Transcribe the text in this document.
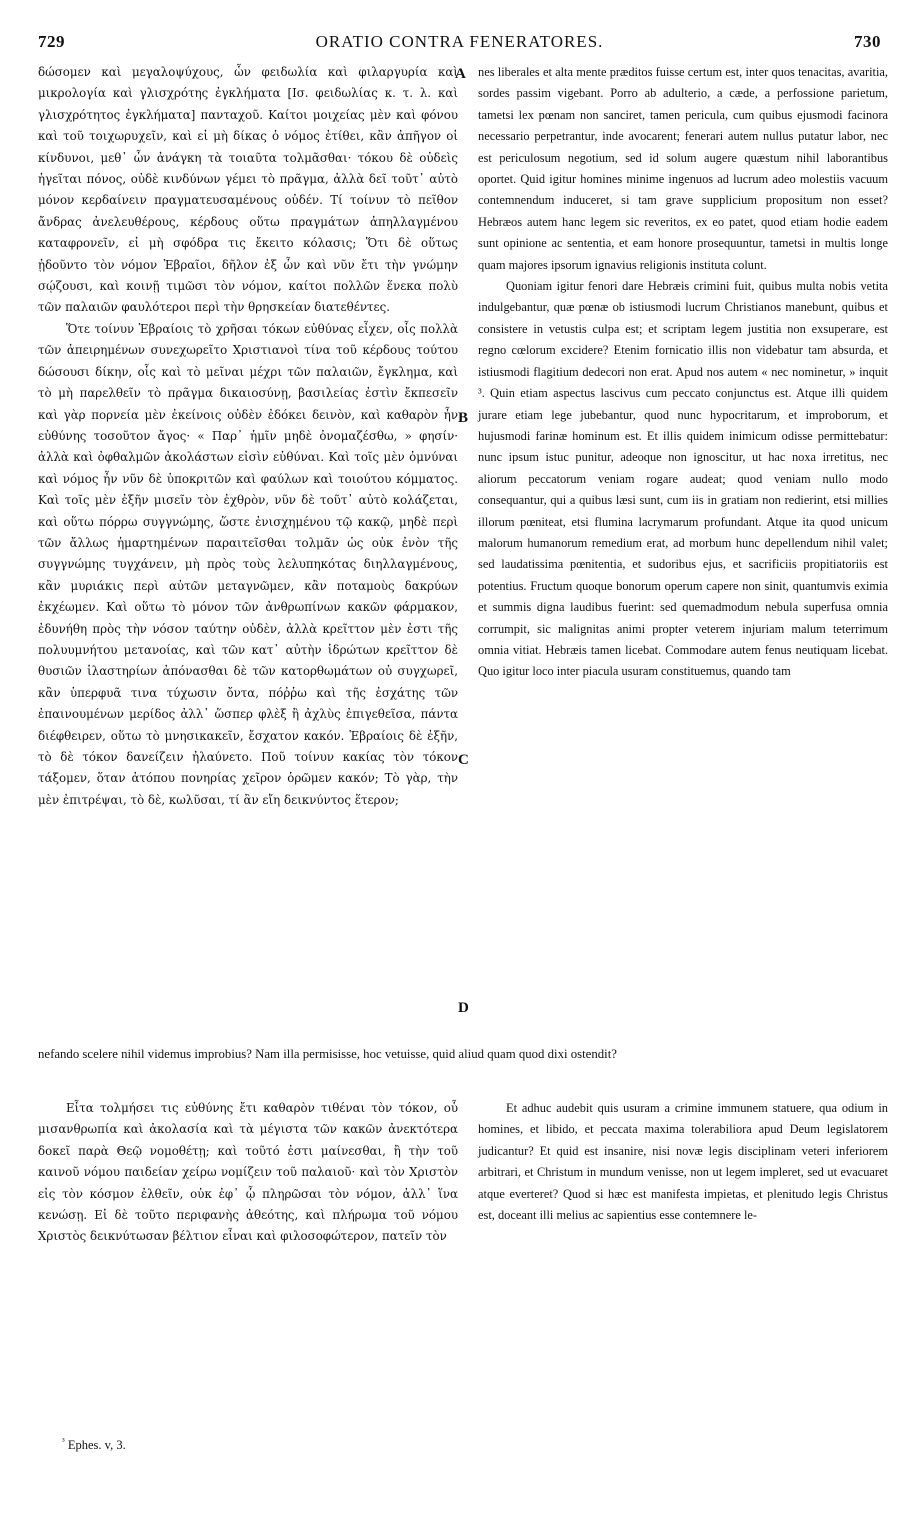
729	ORATIO CONTRA FENERATORES.	730

δώσομεν καὶ μεγαλοψύχους, ὧν φειδωλία καὶ φιλαργυρία καὶ μικρολογία καὶ γλισχρότης ἐγκλήματα [Ισ. φειδωλίας κ. τ. λ. καὶ γλισχρότητος ἐγκλήματα] πανταχοῦ. Καίτοι μοιχείας μὲν καὶ φόνου καὶ τοῦ τοιχωρυχεῖν, καὶ εἰ μὴ δίκας ὁ νόμος ἐτίθει, κἂν ἀπῆγον οἱ κίνδυνοι, μεθ᾽ ὧν ἀνάγκη τὰ τοιαῦτα τολμᾶσθαι· τόκου δὲ οὐδεὶς ἡγεῖται πόνος, οὐδὲ κινδύνων γέμει τὸ πρᾶγμα, ἀλλὰ δεῖ τοῦτ᾽ αὐτὸ μόνον κερδαίνειν πραγματευσαμένους οὐδέν. Τί τοίνυν τὸ πεῖθον ἄνδρας ἀνελευθέρους, κέρδους οὕτω πραγμάτων ἀπηλλαγμένου καταφρονεῖν, εἰ μὴ σφόδρα τις ἔκειτο κόλασις; Ὅτι δὲ οὕτως ᾐδοῦντο τὸν νόμον Ἑβραῖοι, δῆλον ἐξ ὧν καὶ νῦν ἔτι τὴν γνώμην σῴζουσι, καὶ κοινῇ τιμῶσι τὸν νόμον, καίτοι πολλῶν ἕνεκα πολὺ τῶν παλαιῶν φαυλότεροι περὶ τὴν θρησκείαν διατεθέντες.

Ὅτε τοίνυν Ἑβραίοις τὸ χρῆσαι τόκων εὐθύνας εἶχεν, οἷς πολλὰ τῶν ἀπειρημένων συνεχωρεῖτο Χριστιανοὶ τίνα τοῦ κέρδους τούτου δώσουσι δίκην, οἷς καὶ τὸ μεῖναι μέχρι τῶν παλαιῶν, ἔγκλημα, καὶ τὸ μὴ παρελθεῖν τὸ πρᾶγμα δικαιοσύνῃ, βασιλείας ἐστὶν ἔκπεσεῖν καὶ γὰρ πορνεία μὲν ἐκείνοις οὐδὲν ἐδόκει δεινὸν, καὶ καθαρὸν ἦν εὐθύνης τοσοῦτον ἄγος· « Παρ᾽ ἡμῖν μηδὲ ὀνομαζέσθω, » φησίν· ἀλλὰ καὶ ὀφθαλμῶν ἀκολάστων εἰσὶν εὐθύναι. Καὶ τοῖς μὲν ὀμνύναι καὶ νόμος ἦν νῦν δὲ ὑποκριτῶν καὶ φαύλων καὶ τοιούτου κόμματος. Καὶ τοῖς μὲν ἐξῆν μισεῖν τὸν ἐχθρὸν, νῦν δὲ τοῦτ᾽ αὐτὸ κολάζεται, καὶ οὕτω πόρρω συγγνώμης, ὥστε ἐνισχημένου τῷ κακῷ, μηδὲ περὶ τῶν ἄλλως ἡμαρτημένων παραιτεῖσθαι τολμᾶν ὡς οὐκ ἐνὸν τῆς συγγνώμης τυγχάνειν, μὴ πρὸς τοὺς λελυπηκότας διηλλαγμένους, κἂν μυριάκις περὶ αὐτῶν μεταγνῶμεν, κἂν ποταμοὺς δακρύων ἐκχέωμεν. Καὶ οὕτω τὸ μόνον τῶν ἀνθρωπίνων κακῶν φάρμακον, ἐδυνήθη πρὸς τὴν νόσον ταύτην οὐδὲν, ἀλλὰ κρεῖττον μὲν ἐστι τῆς πολυυμνήτου μετανοίας, καὶ τῶν κατ᾽ αὐτὴν ἱδρώτων κρεῖττον δὲ θυσιῶν ἱλαστηρίων ἀπόνασθαι δὲ τῶν κατορθωμάτων οὐ συγχωρεῖ, κἂν ὑπερφυᾶ τινα τύχωσιν ὄντα, πόῤῥω καὶ τῆς ἐσχάτης τῶν ἐπαινουμένων μερίδος ἀλλ᾽ ὥσπερ φλὲξ ἢ ἀχλὺς ἐπιγεθεῖσα, πάντα διέφθειρεν, οὕτω τὸ μνησικακεῖν, ἔσχατον κακόν. Ἑβραίοις δὲ ἐξῆν, τὸ δὲ τόκον δανείζειν ἠλαύνετο. Ποῦ τοίνυν κακίας τὸν τόκον τάξομεν, ὅταν ἀτόπου πονηρίας χεῖρον ὁρῶμεν κακόν; Τὸ γὰρ, τὴν μὲν ἐπιτρέψαι, τὸ δὲ, κωλῦσαι, τί ἂν εἴη δεικνύντος ἕτερον;

A
B
C
D

nes liberales et alta mente præditos fuisse certum est, inter quos tenacitas, avaritia, sordes passim vigebant. Porro ab adulterio, a cæde, a perfossione parietum, tametsi lex pœnam non sanciret, tamen pericula, cum quibus ejusmodi facinora necessario perpetrantur, inde avocarent; fenerari autem nullus putatur labor, nec est periculosum negotium, sed id solum augere quæstum nihil laborantibus oportet. Quid igitur homines minime ingenuos ad lucrum adeo molestiis vacuum contemnendum induceret, si tam grave supplicium propositum non esset? Hebræos autem hanc legem sic reveritos, ex eo patet, quod etiam hodie eadem sunt opinione ac sententia, et eam honore prosequuntur, tametsi in multis longe quam majores ipsorum ignavius religionis instituta colunt.

Quoniam igitur fenori dare Hebræis crimini fuit, quibus multa nobis vetita indulgebantur, quæ pœnæ ob istiusmodi lucrum Christianos manebunt, quibus et consistere in vetustis culpa est; et scriptam legem justitia non exsuperare, est regno cœlorum excidere? Etenim fornicatio illis non videbatur tam absurda, et istiusmodi flagitium dedecori non erat. Apud nos autem « nec nominetur, » inquit ³. Quin etiam aspectus lascivus cum peccato conjunctus est. Atque illi quidem jurare etiam lege jubebantur, quod nunc hypocritarum, et improborum, et hujusmodi farinæ hominum est. Et illis quidem inimicum odisse permittebatur: nunc ipsum istuc punitur, adeoque non ignoscitur, ut hac noxa irretitus, nec aliorum peccatorum veniam rogare audeat; quod veniam nullo modo consequantur, qui a quibus læsi sunt, cum iis in gratiam non redierint, etsi millies illorum pœniteat, etsi flumina lacrymarum profundant. Atque ita quod unicum malorum humanorum remedium erat, ad morbum hunc depellendum nihil valet; sed laudatissima pœnitentia, et sudoribus ejus, et sacrificiis propitiatoriis est potentius. Fructum quoque bonorum operum capere non sinit, quantumvis eximia et summis digna laudibus fuerint: sed quemadmodum nebula superfusa omnia corrumpit, sic malignitas animi propter veterem injuriam malum teterrimum omnia vitiat. Hebræis tamen licebat. Commodare autem fenus neutiquam licebat. Quo igitur loco inter piacula usuram constituemus, quando tam

nefando scelere nihil videmus improbius? Nam illa permisisse, hoc vetuisse, quid aliud quam quod dixi ostendit?

Εἶτα τολμήσει τις εὐθύνης ἔτι καθαρὸν τιθέναι τὸν τόκον, οὗ μισανθρωπία καὶ ἀκολασία καὶ τὰ μέγιστα τῶν κακῶν ἀνεκτότερα δοκεῖ παρὰ Θεῷ νομοθέτῃ; καὶ τοῦτό ἐστι μαίνεσθαι, ἢ τὴν τοῦ καινοῦ νόμου παιδείαν χείρω νομίζειν τοῦ παλαιοῦ· καὶ τὸν Χριστὸν εἰς τὸν κόσμον ἐλθεῖν, οὐκ ἐφ᾽ ᾧ πληρῶσαι τὸν νόμον, ἀλλ᾽ ἵνα κενώσῃ. Εἰ δὲ τοῦτο περιφανὴς ἀθεότης, καὶ πλήρωμα τοῦ νόμου Χριστὸς δεικνύτωσαν βέλτιον εἶναι καὶ φιλοσοφώτερον, πατεῖν τὸν

Et adhuc audebit quis usuram a crimine immunem statuere, qua odium in homines, et libido, et peccata maxima tolerabiliora apud Deum legislatorem judicantur? Et quid est insanire, nisi novæ legis disciplinam veteri inferiorem arbitrari, et Christum in mundum venisse, non ut legem impleret, sed ut evacuaret atque everteret? Quod si hæc est manifesta impietas, et plenitudo legis Christus est, doceant illi melius ac sapientius esse contemnere le-

$^{^3}$ Ephes. v, 3.
